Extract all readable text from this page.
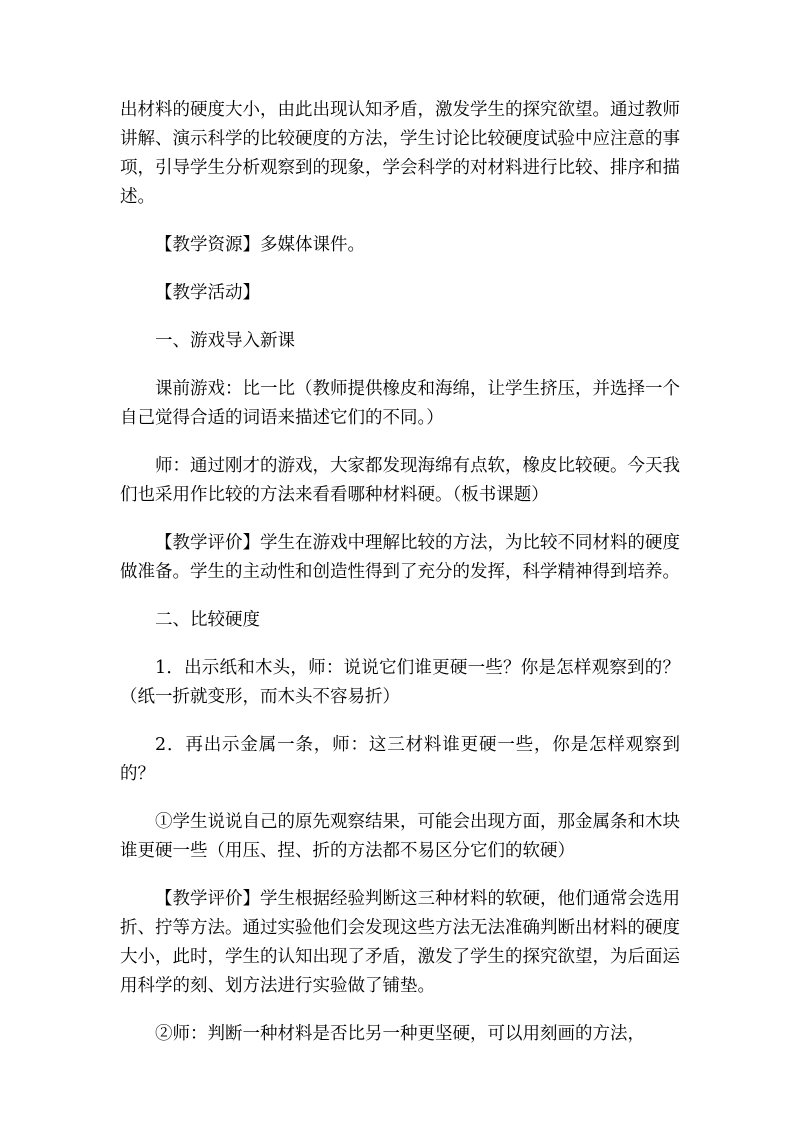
出材料的硬度大小，由此出现认知矛盾，激发学生的探究欲望。通过教师讲解、演示科学的比较硬度的方法，学生讨论比较硬度试验中应注意的事项，引导学生分析观察到的现象，学会科学的对材料进行比较、排序和描述。

【教学资源】多媒体课件。

【教学活动】

一、游戏导入新课

课前游戏：比一比（教师提供橡皮和海绵，让学生挤压，并选择一个自己觉得合适的词语来描述它们的不同。）

师：通过刚才的游戏，大家都发现海绵有点软，橡皮比较硬。今天我们也采用作比较的方法来看看哪种材料硬。（板书课题）

【教学评价】学生在游戏中理解比较的方法，为比较不同材料的硬度做准备。学生的主动性和创造性得到了充分的发挥，科学精神得到培养。

二、比较硬度

1．出示纸和木头，师：说说它们谁更硬一些？你是怎样观察到的？（纸一折就变形，而木头不容易折）

2．再出示金属一条，师：这三材料谁更硬一些，你是怎样观察到的？

①学生说说自己的原先观察结果，可能会出现方面，那金属条和木块谁更硬一些（用压、捏、折的方法都不易区分它们的软硬）

【教学评价】学生根据经验判断这三种材料的软硬，他们通常会选用折、拧等方法。通过实验他们会发现这些方法无法准确判断出材料的硬度大小，此时，学生的认知出现了矛盾，激发了学生的探究欲望，为后面运用科学的刻、划方法进行实验做了铺垫。

②师：判断一种材料是否比另一种更坚硬，可以用刻画的方法，
